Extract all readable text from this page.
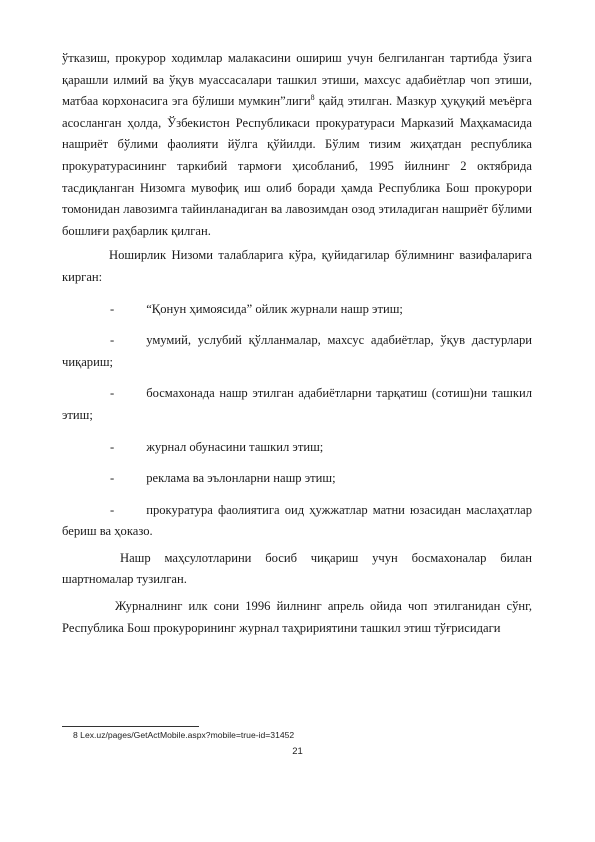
ўтказиш, прокурор ходимлар малакасини ошириш учун белгиланган тартибда ўзига қарашли илмий ва ўқув муассасалари ташкил этиши, махсус адабиётлар чоп этиши, матбаа корхонасига эга бўлиши мумкин”лиги$^8$ қайд этилган. Мазкур ҳуқуқий меъёрга асосланган ҳолда, Ўзбекистон Республикаси прокуратураси Марказий Маҳкамасида нашриёт бўлими фаолияти йўлга қўйилди. Бўлим тизим жиҳатдан республика прокуратурасининг таркибий тармоғи ҳисобланиб, 1995 йилнинг 2 октябрида тасдиқланган Низомга мувофиқ иш олиб боради ҳамда Республика Бош прокурори томонидан лавозимга тайинланадиган ва лавозимдан озод этиладиган нашриёт бўлими бошлиғи раҳбарлик қилган.

Нoширлик Низоми талабларига кўра, қуйидагилар бўлимнинг вазифаларига кирган:

-	“Қонун ҳимоясида” ойлик журнали нашр этиш;

-	умумий, услубий қўлланмалар, махсус адабиётлар, ўқув дастурлари чиқариш;

-	босмахонада нашр этилган адабиётларни тарқатиш (сотиш)ни ташкил этиш;

-	журнал обунасини ташкил этиш;

-	реклама ва эълонларни нашр этиш;

-	прокуратура фаолиятига оид ҳужжатлар матни юзасидан маслаҳатлар бериш ва ҳоказо.

Нашр маҳсулотларини босиб чиқариш учун босмахоналар билан шартномалар тузилган.

Журналнинг илк сони 1996 йилнинг апрель ойида чоп этилганидан сўнг, Республика Бош прокурорининг журнал таҳририятини ташкил этиш тўғрисидаги

8 Lex.uz/pages/GetActMobile.aspx?mobile=true-id=31452
21
